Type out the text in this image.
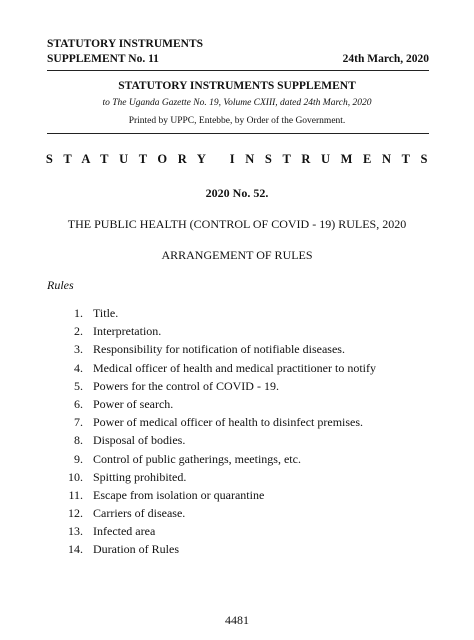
STATUTORY INSTRUMENTS
SUPPLEMENT No. 11	24th March, 2020
STATUTORY INSTRUMENTS SUPPLEMENT
to The Uganda Gazette No. 19, Volume CXIII, dated 24th March, 2020
Printed by UPPC, Entebbe, by Order of the Government.
STATUTORY INSTRUMENTS
2020 No. 52.
THE PUBLIC HEALTH (CONTROL OF COVID - 19) RULES, 2020
ARRANGEMENT OF RULES
Rules
1. Title.
2. Interpretation.
3. Responsibility for notification of notifiable diseases.
4. Medical officer of health and medical practitioner to notify
5. Powers for the control of COVID - 19.
6. Power of search.
7. Power of medical officer of health to disinfect premises.
8. Disposal of bodies.
9. Control of public gatherings, meetings, etc.
10. Spitting prohibited.
11. Escape from isolation or quarantine
12. Carriers of disease.
13. Infected area
14. Duration of Rules
4481
